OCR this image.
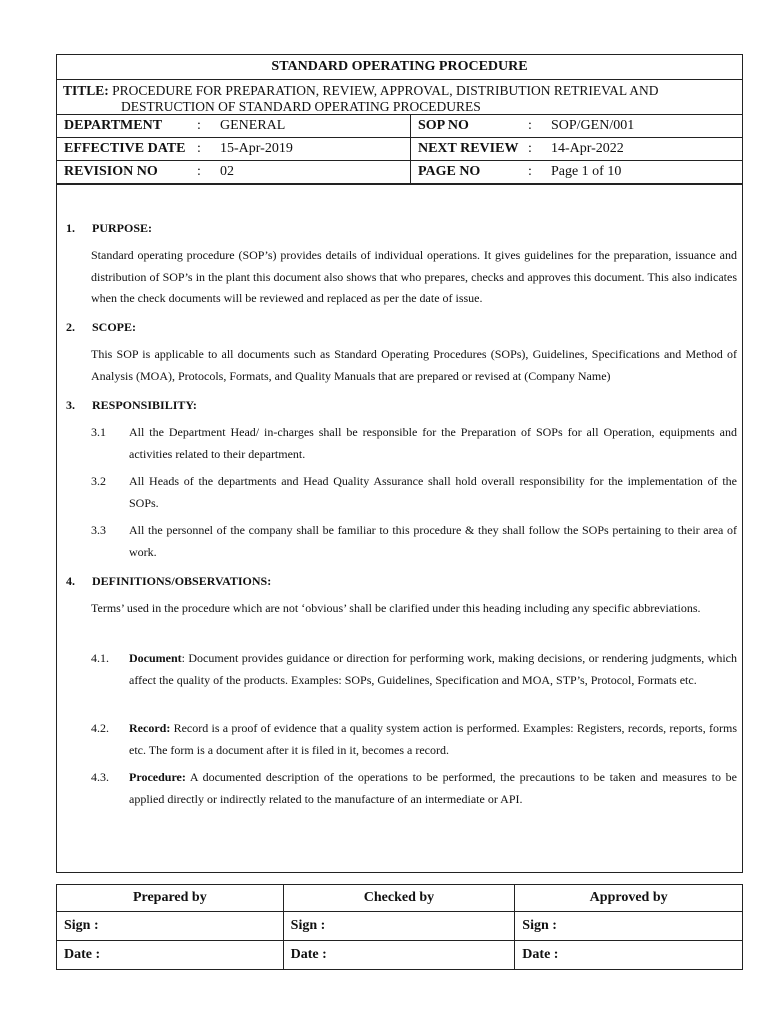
STANDARD OPERATING PROCEDURE
TITLE: PROCEDURE FOR PREPARATION, REVIEW, APPROVAL, DISTRIBUTION RETRIEVAL AND
DESTRUCTION OF STANDARD OPERATING PROCEDURES
DEPARTMENT	:	GENERAL	SOP NO	:	SOP/GEN/001
EFFECTIVE DATE :	15-Apr-2019	NEXT REVIEW :	14-Apr-2022
REVISION NO	:	02	PAGE NO	:	Page 1 of 10
1.	PURPOSE:
Standard operating procedure (SOP’s) provides details of individual operations. It gives guidelines for the preparation, issuance and distribution of SOP’s in the plant this document also shows that who prepares, checks and approves this document. This also indicates when the check documents will be reviewed and replaced as per the date of issue.
2.	SCOPE:
This SOP is applicable to all documents such as Standard Operating Procedures (SOPs), Guidelines, Specifications and Method of Analysis (MOA), Protocols, Formats, and Quality Manuals that are prepared or revised at (Company Name)
3.	RESPONSIBILITY:
3.1	All the Department Head/ in-charges shall be responsible for the Preparation of SOPs for all Operation, equipments and activities related to their department.
3.2	All Heads of the departments and Head Quality Assurance shall hold overall responsibility for the implementation of the SOPs.
3.3	All the personnel of the company shall be familiar to this procedure & they shall follow the SOPs pertaining to their area of work.
4.	DEFINITIONS/OBSERVATIONS:
Terms’ used in the procedure which are not ‘obvious’ shall be clarified under this heading including any specific abbreviations.
4.1.	Document: Document provides guidance or direction for performing work, making decisions, or rendering judgments, which affect the quality of the products. Examples: SOPs, Guidelines, Specification and MOA, STP’s, Protocol, Formats etc.
4.2.	Record: Record is a proof of evidence that a quality system action is performed. Examples: Registers, records, reports, forms etc. The form is a document after it is filed in it, becomes a record.
4.3.	Procedure: A documented description of the operations to be performed, the precautions to be taken and measures to be applied directly or indirectly related to the manufacture of an intermediate or API.
Prepared by	Checked by	Approved by
Sign :	Sign :	Sign :
Date :	Date :	Date :
